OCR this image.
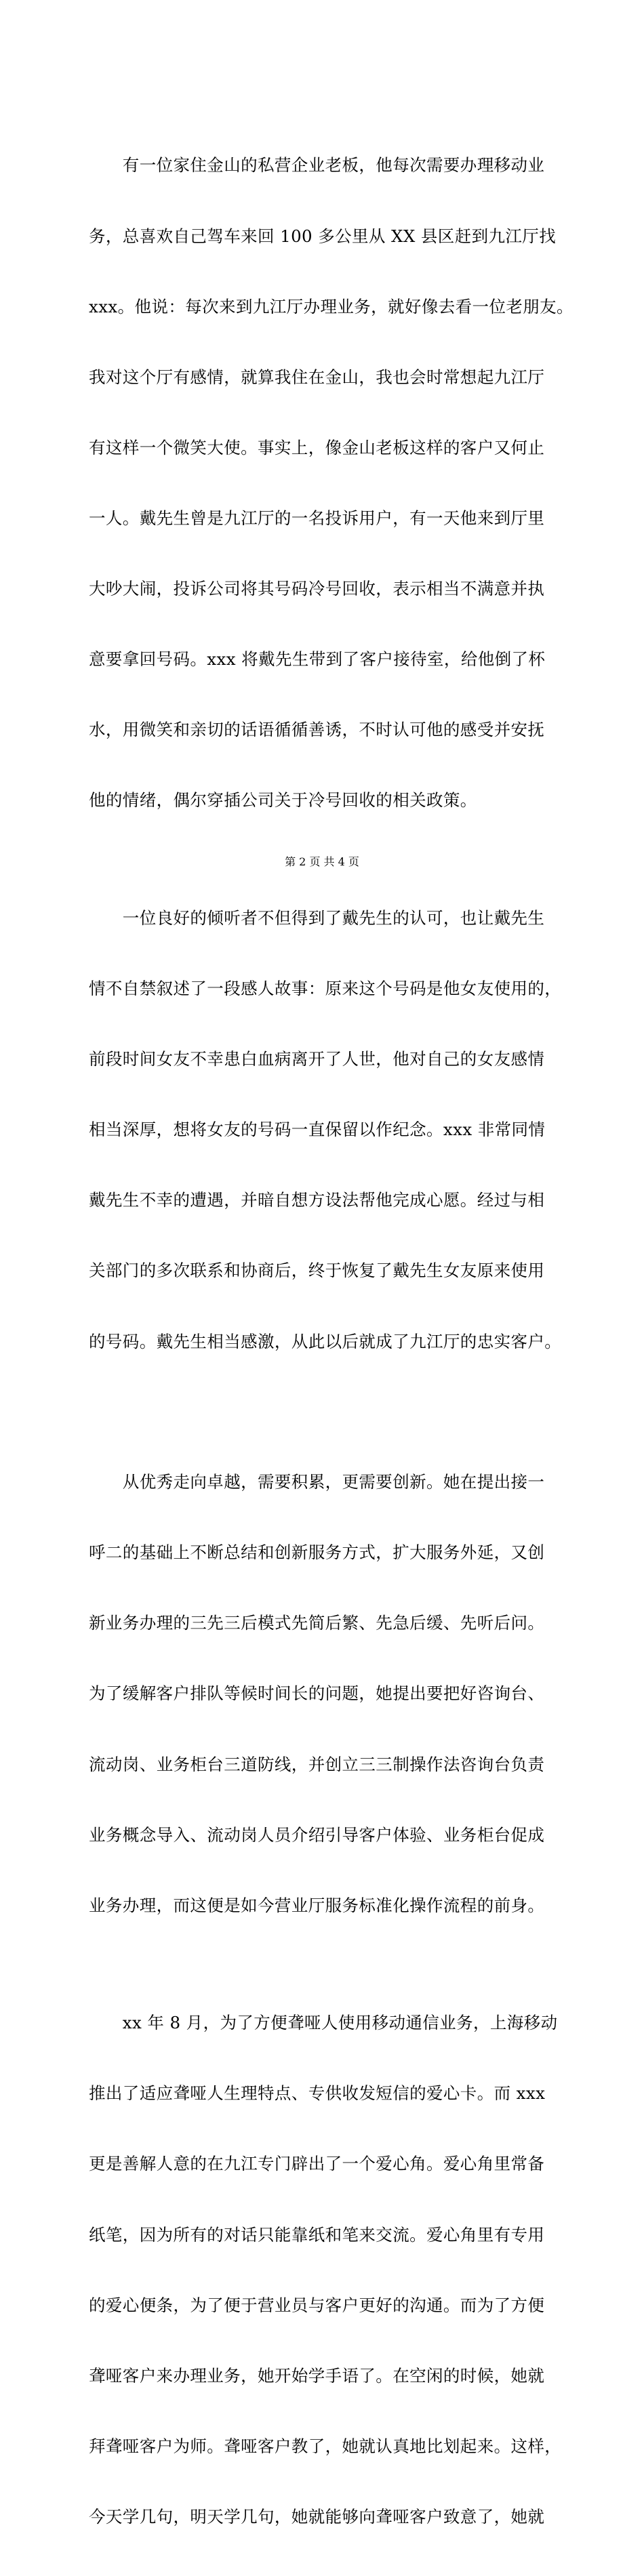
　　有一位家住金山的私营企业老板，他每次需要办理移动业

务，总喜欢自己驾车来回 100 多公里从 XX 县区赶到九江厅找

xxx。他说：每次来到九江厅办理业务，就好像去看一位老朋友。

我对这个厅有感情，就算我住在金山，我也会时常想起九江厅

有这样一个微笑大使。事实上，像金山老板这样的客户又何止

一人。戴先生曾是九江厅的一名投诉用户，有一天他来到厅里

大吵大闹，投诉公司将其号码冷号回收，表示相当不满意并执

意要拿回号码。xxx 将戴先生带到了客户接待室，给他倒了杯

水，用微笑和亲切的话语循循善诱，不时认可他的感受并安抚

他的情绪，偶尔穿插公司关于冷号回收的相关政策。

　　一位良好的倾听者不但得到了戴先生的认可，也让戴先生

情不自禁叙述了一段感人故事：原来这个号码是他女友使用的，

前段时间女友不幸患白血病离开了人世，他对自己的女友感情

相当深厚，想将女友的号码一直保留以作纪念。xxx 非常同情

戴先生不幸的遭遇，并暗自想方设法帮他完成心愿。经过与相

关部门的多次联系和协商后，终于恢复了戴先生女友原来使用

的号码。戴先生相当感激，从此以后就成了九江厅的忠实客户。

　　从优秀走向卓越，需要积累，更需要创新。她在提出接一

呼二的基础上不断总结和创新服务方式，扩大服务外延，又创

新业务办理的三先三后模式先简后繁、先急后缓、先听后问。

为了缓解客户排队等候时间长的问题，她提出要把好咨询台、

流动岗、业务柜台三道防线，并创立三三制操作法咨询台负责

业务概念导入、流动岗人员介绍引导客户体验、业务柜台促成

业务办理，而这便是如今营业厅服务标准化操作流程的前身。

　　xx 年 8 月，为了方便聋哑人使用移动通信业务，上海移动

推出了适应聋哑人生理特点、专供收发短信的爱心卡。而 xxx

更是善解人意的在九江专门辟出了一个爱心角。爱心角里常备

纸笔，因为所有的对话只能靠纸和笔来交流。爱心角里有专用

的爱心便条，为了便于营业员与客户更好的沟通。而为了方便

聋哑客户来办理业务，她开始学手语了。在空闲的时候，她就

拜聋哑客户为师。聋哑客户教了，她就认真地比划起来。这样，

今天学几句，明天学几句，她就能够向聋哑客户致意了，她就

第 2 页 共 4 页
